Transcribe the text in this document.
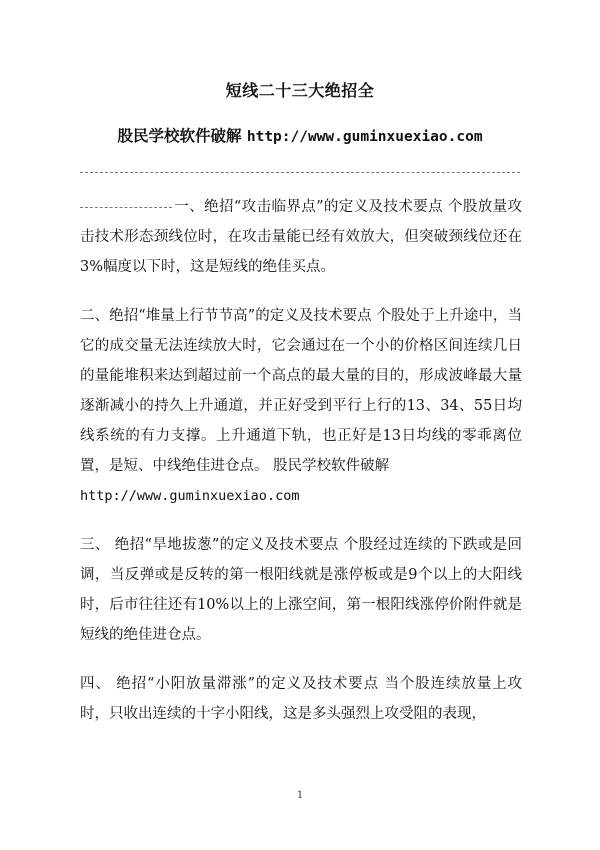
短线二十三大绝招全
股民学校软件破解 http://www.guminxuexiao.com

一、绝招“攻击临界点”的定义及技术要点 个股放量攻击技术形态颈线位时，在攻击量能已经有效放大，但突破颈线位还在3%幅度以下时，这是短线的绝佳买点。

二、绝招“堆量上行节节高”的定义及技术要点 个股处于上升途中，当它的成交量无法连续放大时，它会通过在一个小的价格区间连续几日的量能堆积来达到超过前一个高点的最大量的目的，形成波峰最大量逐渐减小的持久上升通道，并正好受到平行上行的13、34、55日均线系统的有力支撑。上升通道下轨，也正好是13日均线的零乖离位置，是短、中线绝佳进仓点。 股民学校软件破解
http://www.guminxuexiao.com

三、 绝招“旱地拔葱”的定义及技术要点 个股经过连续的下跌或是回调，当反弹或是反转的第一根阳线就是涨停板或是9个以上的大阳线时，后市往往还有10%以上的上涨空间，第一根阳线涨停价附件就是短线的绝佳进仓点。

四、 绝招“小阳放量滞涨”的定义及技术要点 当个股连续放量上攻时，只收出连续的十字小阳线，这是多头强烈上攻受阻的表现，

1
